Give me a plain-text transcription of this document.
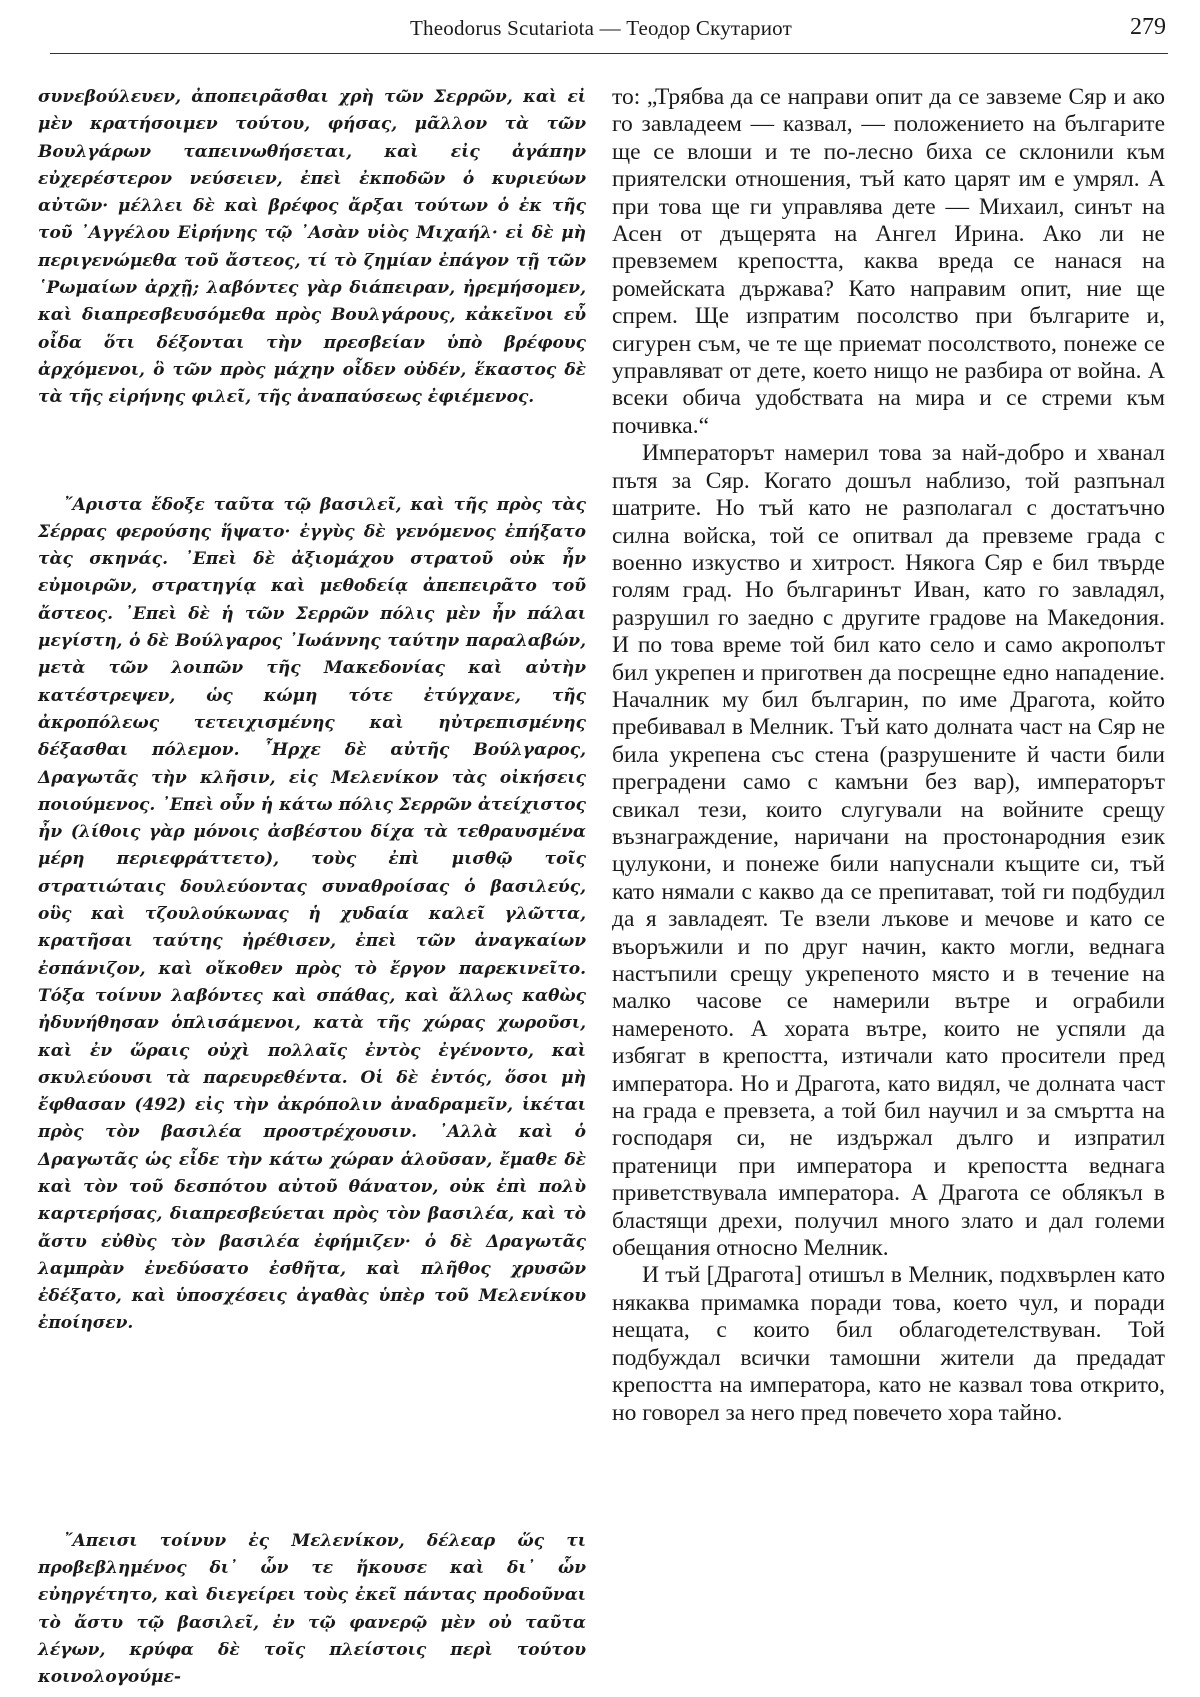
Theodorus Scutariota — Теодор Скутариот	279

συνεβούλευεν, ἀποπειρᾶσθαι χρὴ τῶν Σερρῶν, καὶ εἰ μὲν κρατήσοιμεν τούτου, φήσας, μᾶλλον τὰ τῶν Βουλγάρων ταπεινωθήσεται, καὶ εἰς ἀγάπην εὐχερέστερον νεύσειεν, ἐπεὶ ἐκποδῶν ὁ κυριεύων αὐτῶν· μέλλει δὲ καὶ βρέφος ἄρξαι τούτων ὁ ἐκ τῆς τοῦ ᾿Αγγέλου Εἰρήνης τῷ ᾿Ασὰν υἱὸς Μιχαήλ· εἰ δὲ μὴ περιγενώμεθα τοῦ ἄστεος, τί τὸ ζημίαν ἐπάγον τῇ τῶν ῾Ρωμαίων ἀρχῇ; λαβόντες γὰρ διάπειραν, ἠρεμήσομεν, καὶ διαπρεσβευσόμεθα πρὸς Βουλγάρους, κἀκεῖνοι εὖ οἶδα ὅτι δέξονται τὴν πρεσβείαν ὑπὸ βρέφους ἀρχόμενοι, ὃ τῶν πρὸς μάχην οἶδεν οὐδέν, ἕκαστος δὲ τὰ τῆς εἰρήνης φιλεῖ, τῆς ἀναπαύσεως ἐφιέμενος.

῎Αριστα ἔδοξε ταῦτα τῷ βασιλεῖ, καὶ τῆς πρὸς τὰς Σέρρας φερούσης ἥψατο· ἐγγὺς δὲ γενόμενος ἐπήξατο τὰς σκηνάς. ᾿Επεὶ δὲ ἀξιομάχου στρατοῦ οὐκ ἦν εὐμοιρῶν, στρατηγίᾳ καὶ μεθοδείᾳ ἀπεπειρᾶτο τοῦ ἄστεος. ᾿Επεὶ δὲ ἡ τῶν Σερρῶν πόλις μὲν ἦν πάλαι μεγίστη, ὁ δὲ Βούλγαρος ᾿Ιωάννης ταύτην παραλαβών, μετὰ τῶν λοιπῶν τῆς Μακεδονίας καὶ αὐτὴν κατέστρεψεν, ὡς κώμη τότε ἐτύγχανε, τῆς ἀκροπόλεως τετειχισμένης καὶ ηὐτρεπισμένης δέξασθαι πόλεμον. ῏Ηρχε δὲ αὐτῆς Βούλγαρος, Δραγωτᾶς τὴν κλῆσιν, εἰς Μελενίκον τὰς οἰκήσεις ποιούμενος. ᾿Επεὶ οὖν ἡ κάτω πόλις Σερρῶν ἀτείχιστος ἦν (λίθοις γὰρ μόνοις ἀσβέστου δίχα τὰ τεθραυσμένα μέρη περιεφράττετο), τοὺς ἐπὶ μισθῷ τοῖς στρατιώταις δουλεύοντας συναθροίσας ὁ βασιλεύς, οὓς καὶ τζουλούκωνας ἡ χυδαία καλεῖ γλῶττα, κρατῆσαι ταύτης ἠρέθισεν, ἐπεὶ τῶν ἀναγκαίων ἐσπάνιζον, καὶ οἴκοθεν πρὸς τὸ ἔργον παρεκινεῖτο. Τόξα τοίνυν λαβόντες καὶ σπάθας, καὶ ἄλλως καθὼς ἠδυνήθησαν ὁπλισάμενοι, κατὰ τῆς χώρας χωροῦσι, καὶ ἐν ὥραις οὐχὶ πολλαῖς ἐντὸς ἐγένοντο, καὶ σκυλεύουσι τὰ παρευρεθέντα. Οἱ δὲ ἐντός, ὅσοι μὴ ἔφθασαν (492) εἰς τὴν ἀκρόπολιν ἀναδραμεῖν, ἱκέται πρὸς τὸν βασιλέα προστρέχουσιν. ᾿Αλλὰ καὶ ὁ Δραγωτᾶς ὡς εἶδε τὴν κάτω χώραν ἁλοῦσαν, ἔμαθε δὲ καὶ τὸν τοῦ δεσπότου αὐτοῦ θάνατον, οὐκ ἐπὶ πολὺ καρτερήσας, διαπρεσβεύεται πρὸς τὸν βασιλέα, καὶ τὸ ἄστυ εὐθὺς τὸν βασιλέα ἐφήμιζεν· ὁ δὲ Δραγωτᾶς λαμπρὰν ἐνεδύσατο ἐσθῆτα, καὶ πλῆθος χρυσῶν ἐδέξατο, καὶ ὑποσχέσεις ἀγαθὰς ὑπὲρ τοῦ Μελενίκου ἐποίησεν.

῎Απεισι τοίνυν ἐς Μελενίκον, δέλεαρ ὥς τι προβεβλημένος δι᾿ ὧν τε ἤκουσε καὶ δι᾿ ὧν εὐηργέτητο, καὶ διεγείρει τοὺς ἐκεῖ πάντας προδοῦναι τὸ ἄστυ τῷ βασιλεῖ, ἐν τῷ φανερῷ μὲν οὐ ταῦτα λέγων, κρύφα δὲ τοῖς πλείστοις περὶ τούτου κοινολογούμε-

то: „Трябва да се направи опит да се завземе Сяр и ако го завладеем — казвал, — положението на българите ще се влоши и те по-лесно биха се склонили към приятелски отношения, тъй като царят им е умрял. А при това ще ги управлява дете — Михаил, синът на Асен от дъщерята на Ангел Ирина. Ако ли не превземем крепостта, каква вреда се нанася на ромейската държава? Като направим опит, ние ще спрем. Ще изпратим посолство при българите и, сигурен съм, че те ще приемат посолството, понеже се управляват от дете, което нищо не разбира от война. А всеки обича удобствата на мира и се стреми към почивка.“

Императорът намерил това за най-добро и хванал пътя за Сяр. Когато дошъл наблизо, той разпънал шатрите. Но тъй като не разполагал с достатъчно силна войска, той се опитвал да превземе града с военно изкуство и хитрост. Някога Сяр е бил твърде голям град. Но българинът Иван, като го завладял, разрушил го заедно с другите градове на Македония. И по това време той бил като село и само акрополът бил укрепен и приготвен да посрещне едно нападение. Началник му бил българин, по име Драгота, който пребивавал в Мелник. Тъй като долната част на Сяр не била укрепена със стена (разрушените й части били преградени само с камъни без вар), императорът свикал тези, които слугували на войните срещу възнаграждение, наричани на простонародния език цулукони, и понеже били напуснали къщите си, тъй като нямали с какво да се препитават, той ги подбудил да я завладеят. Те взели лъкове и мечове и като се въоръжили и по друг начин, както могли, веднага настъпили срещу укрепеното място и в течение на малко часове се намерили вътре и ограбили намереното. А хората вътре, които не успяли да избягат в крепостта, изтичали като просители пред императора. Но и Драгота, като видял, че долната част на града е превзета, а той бил научил и за смъртта на господаря си, не издържал дълго и изпратил пратеници при императора и крепостта веднага приветствувала императора. А Драгота се облякъл в бластящи дрехи, получил много злато и дал големи обещания относно Мелник.

И тъй [Драгота] отишъл в Мелник, подхвърлен като някаква примамка поради това, което чул, и поради нещата, с които бил облагодетелствуван. Той подбуждал всички тамошни жители да предадат крепостта на императора, като не казвал това открито, но говорел за него пред повечето хора тайно.
